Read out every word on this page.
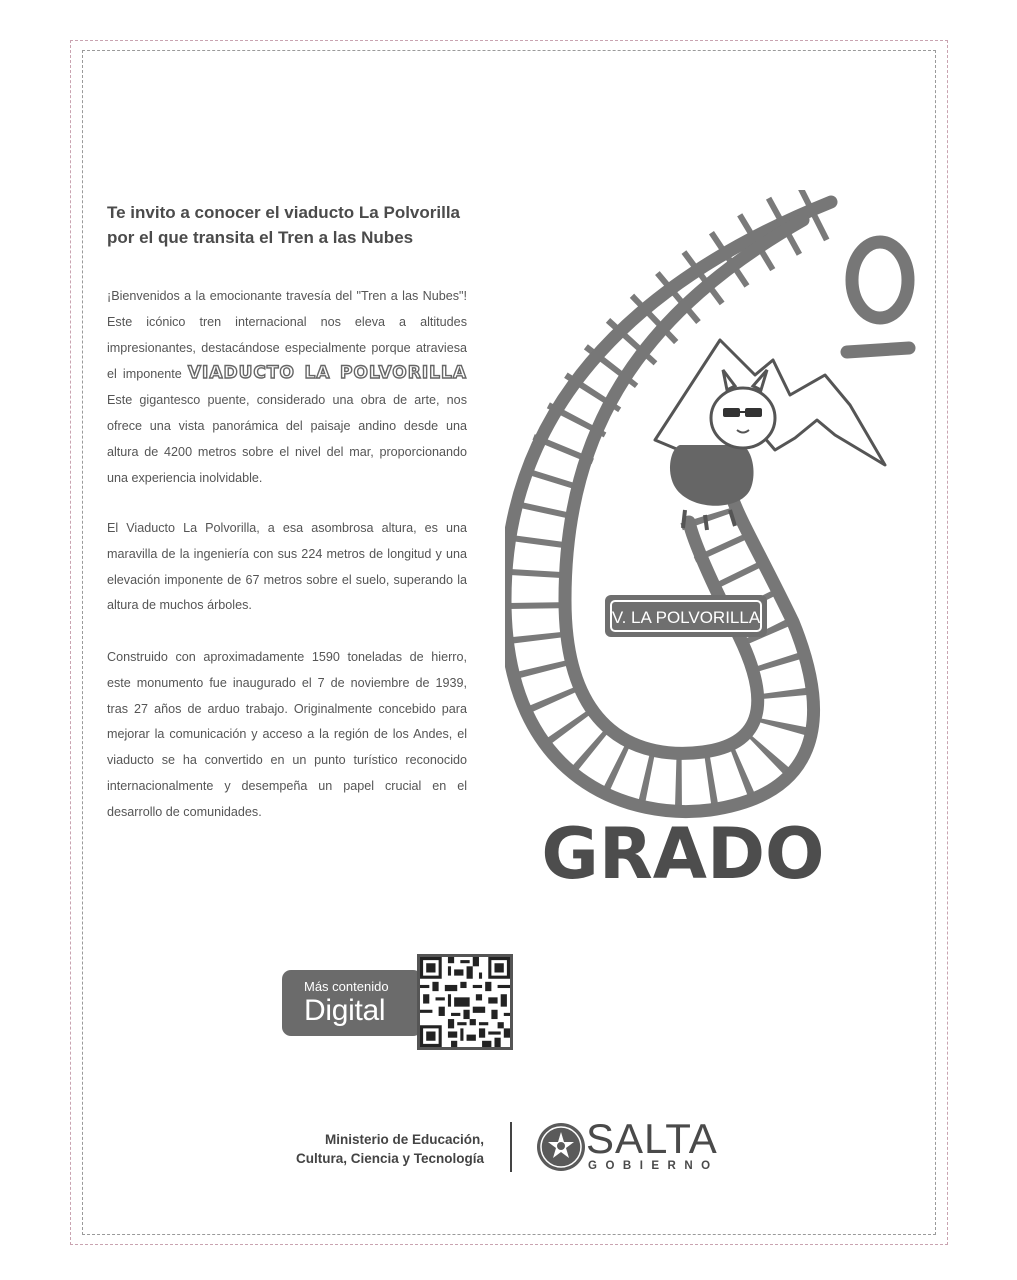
Te invito a conocer el viaducto La Polvorilla por el que transita el Tren a las Nubes

¡Bienvenidos a la emocionante travesía del "Tren a las Nubes"! Este icónico tren internacional nos eleva a altitudes impresionantes, destacándose especialmente porque atraviesa el imponente VIADUCTO LA POLVORILLA Este gigantesco puente, considerado una obra de arte, nos ofrece una vista panorámica del paisaje andino desde una altura de 4200 metros sobre el nivel del mar, proporcionando una experiencia inolvidable.

El Viaducto La Polvorilla, a esa asombrosa altura, es una maravilla de la ingeniería con sus 224 metros de longitud y una elevación imponente de 67 metros sobre el suelo, superando la altura de muchos árboles.

Construido con aproximadamente 1590 toneladas de hierro, este monumento fue inaugurado el 7 de noviembre de 1939, tras 27 años de arduo trabajo. Originalmente concebido para mejorar la comunicación y acceso a la región de los Andes, el viaducto se ha convertido en un punto turístico reconocido internacionalmente y desempeña un papel crucial en el desarrollo de comunidades.

V. LA POLVORILLA
GRADO
Más contenido
Digital
Ministerio de Educación,
Cultura, Ciencia y Tecnología SALTA
GOBIERNO
